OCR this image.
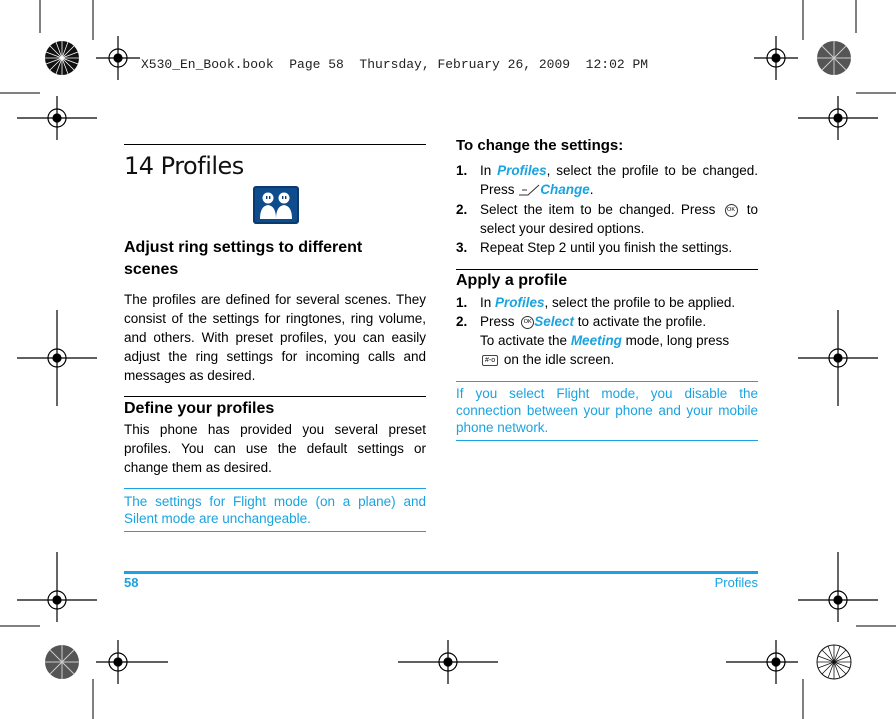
X530_En_Book.book  Page 58  Thursday, February 26, 2009  12:02 PM
14 Profiles
Adjust ring settings to different scenes
The profiles are defined for several scenes. They consist of the settings for ringtones, ring volume, and others. With preset profiles, you can easily adjust the ring settings for incoming calls and messages as desired.
Define your profiles
This phone has provided you several preset profiles. You can use the default settings or change them as desired.
The settings for Flight mode (on a plane) and Silent mode are unchangeable.
To change the settings:
1. In Profiles, select the profile to be changed. Press Change.
2. Select the item to be changed. Press OK to select your desired options.
3. Repeat Step 2 until you finish the settings.
Apply a profile
1. In Profiles, select the profile to be applied.
2. Press OK Select to activate the profile.
To activate the Meeting mode, long press
#-o on the idle screen.
If you select Flight mode, you disable the connection between your phone and your mobile phone network.
58	Profiles
